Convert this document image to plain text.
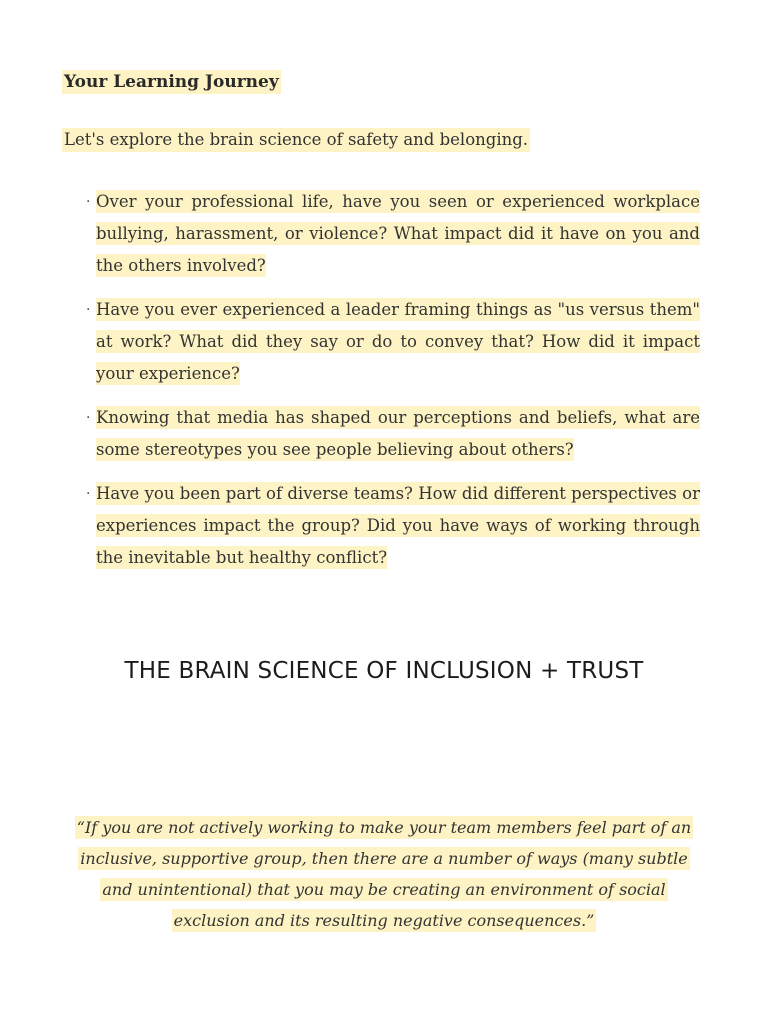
Your Learning Journey
Let's explore the brain science of safety and belonging.
· Over your professional life, have you seen or experienced workplace bullying, harassment, or violence? What impact did it have on you and the others involved?
· Have you ever experienced a leader framing things as "us versus them" at work? What did they say or do to convey that? How did it impact your experience?
· Knowing that media has shaped our perceptions and beliefs, what are some stereotypes you see people believing about others?
· Have you been part of diverse teams? How did different perspectives or experiences impact the group? Did you have ways of working through the inevitable but healthy conflict?
THE BRAIN SCIENCE OF INCLUSION + TRUST
“If you are not actively working to make your team members feel part of an inclusive, supportive group, then there are a number of ways (many subtle and unintentional) that you may be creating an environment of social exclusion and its resulting negative consequences.”
